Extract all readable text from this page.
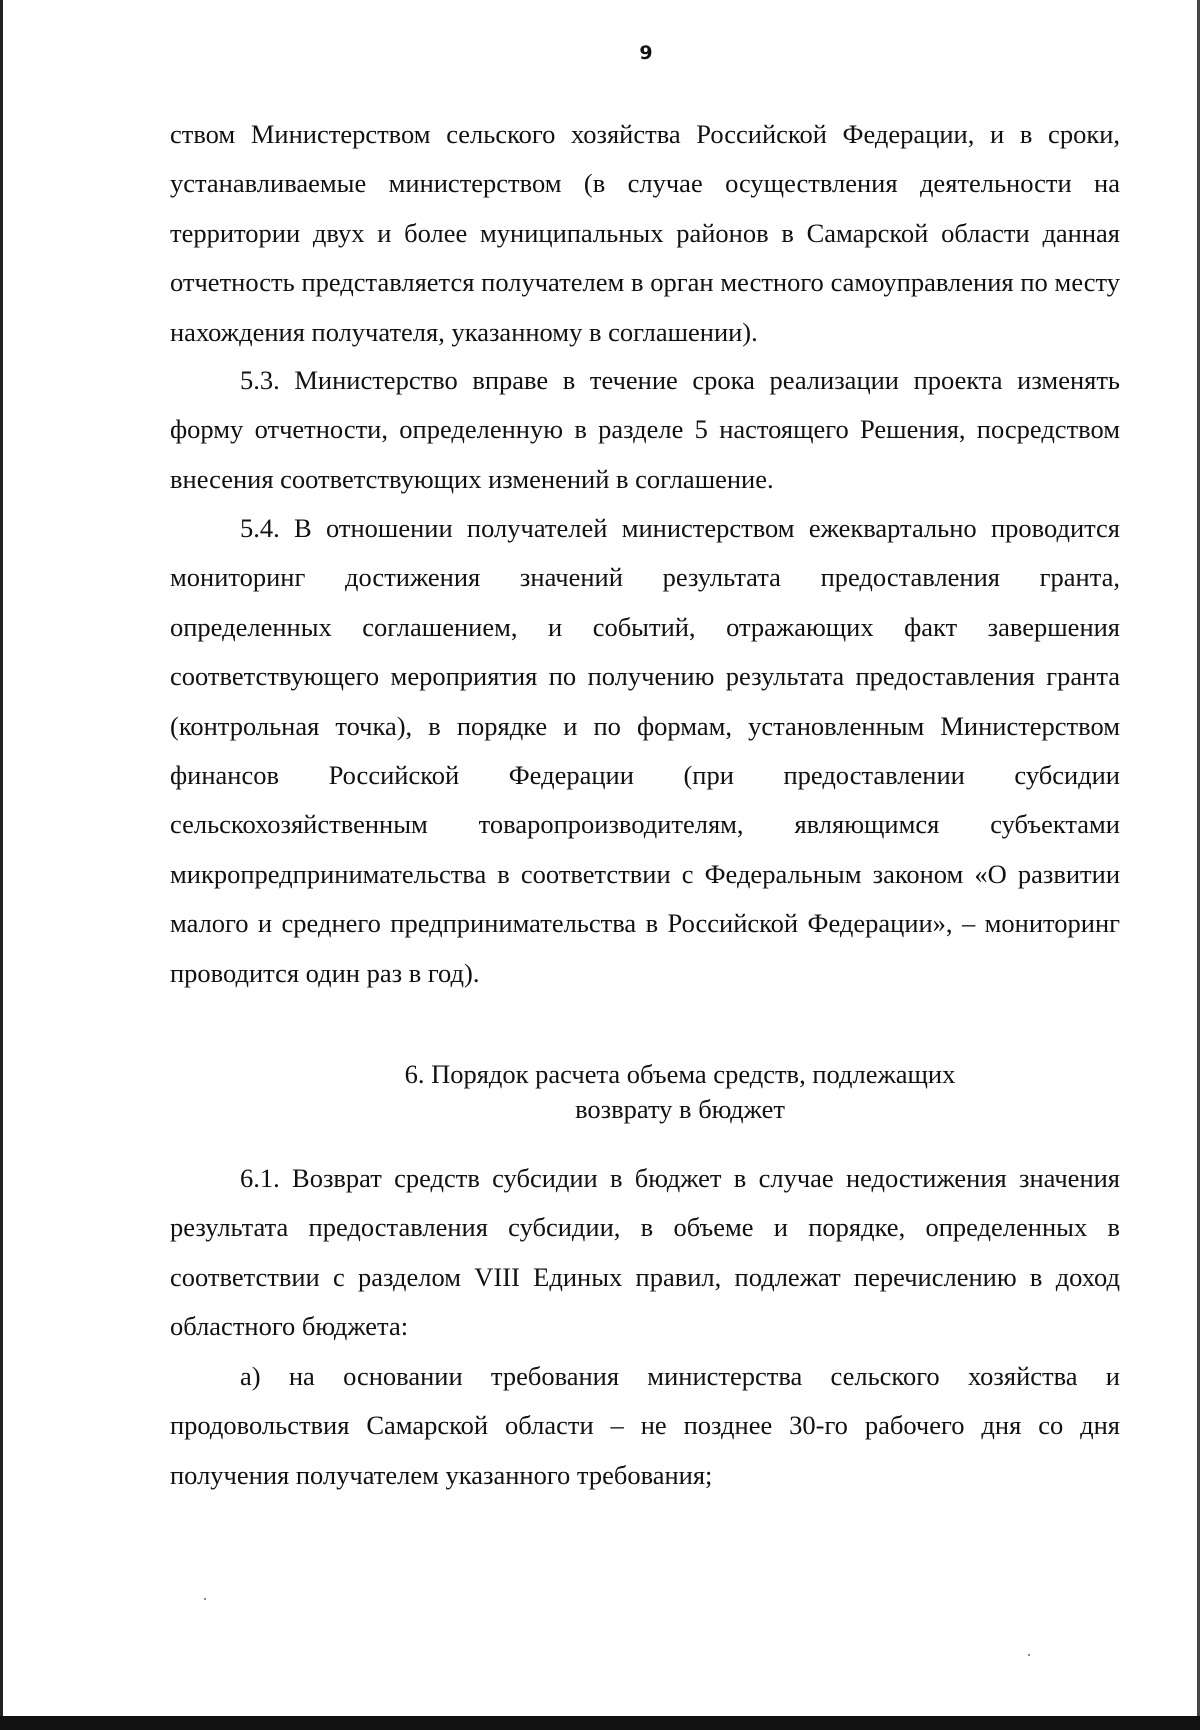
9

ством Министерством сельского хозяйства Российской Федерации, и в сроки, устанавливаемые министерством (в случае осуществления деятельности на территории двух и более муниципальных районов в Самарской области данная отчетность представляется получателем в орган местного самоуправления по месту нахождения получателя, указанному в соглашении).

5.3. Министерство вправе в течение срока реализации проекта изменять форму отчетности, определенную в разделе 5 настоящего Решения, посредством внесения соответствующих изменений в соглашение.

5.4. В отношении получателей министерством ежеквартально проводится мониторинг достижения значений результата предоставления гранта, определенных соглашением, и событий, отражающих факт завершения соответствующего мероприятия по получению результата предоставления гранта (контрольная точка), в порядке и по формам, установленным Министерством финансов Российской Федерации (при предоставлении субсидии сельскохозяйственным товаропроизводителям, являющимся субъектами микропредпринимательства в соответствии с Федеральным законом «О развитии малого и среднего предпринимательства в Российской Федерации», – мониторинг проводится один раз в год).

6. Порядок расчета объема средств, подлежащих
возврату в бюджет

6.1. Возврат средств субсидии в бюджет в случае недостижения значения результата предоставления субсидии, в объеме и порядке, определенных в соответствии с разделом VIII Единых правил, подлежат перечислению в доход областного бюджета:

а) на основании требования министерства сельского хозяйства и продовольствия Самарской области – не позднее 30-го рабочего дня со дня получения получателем указанного требования;
